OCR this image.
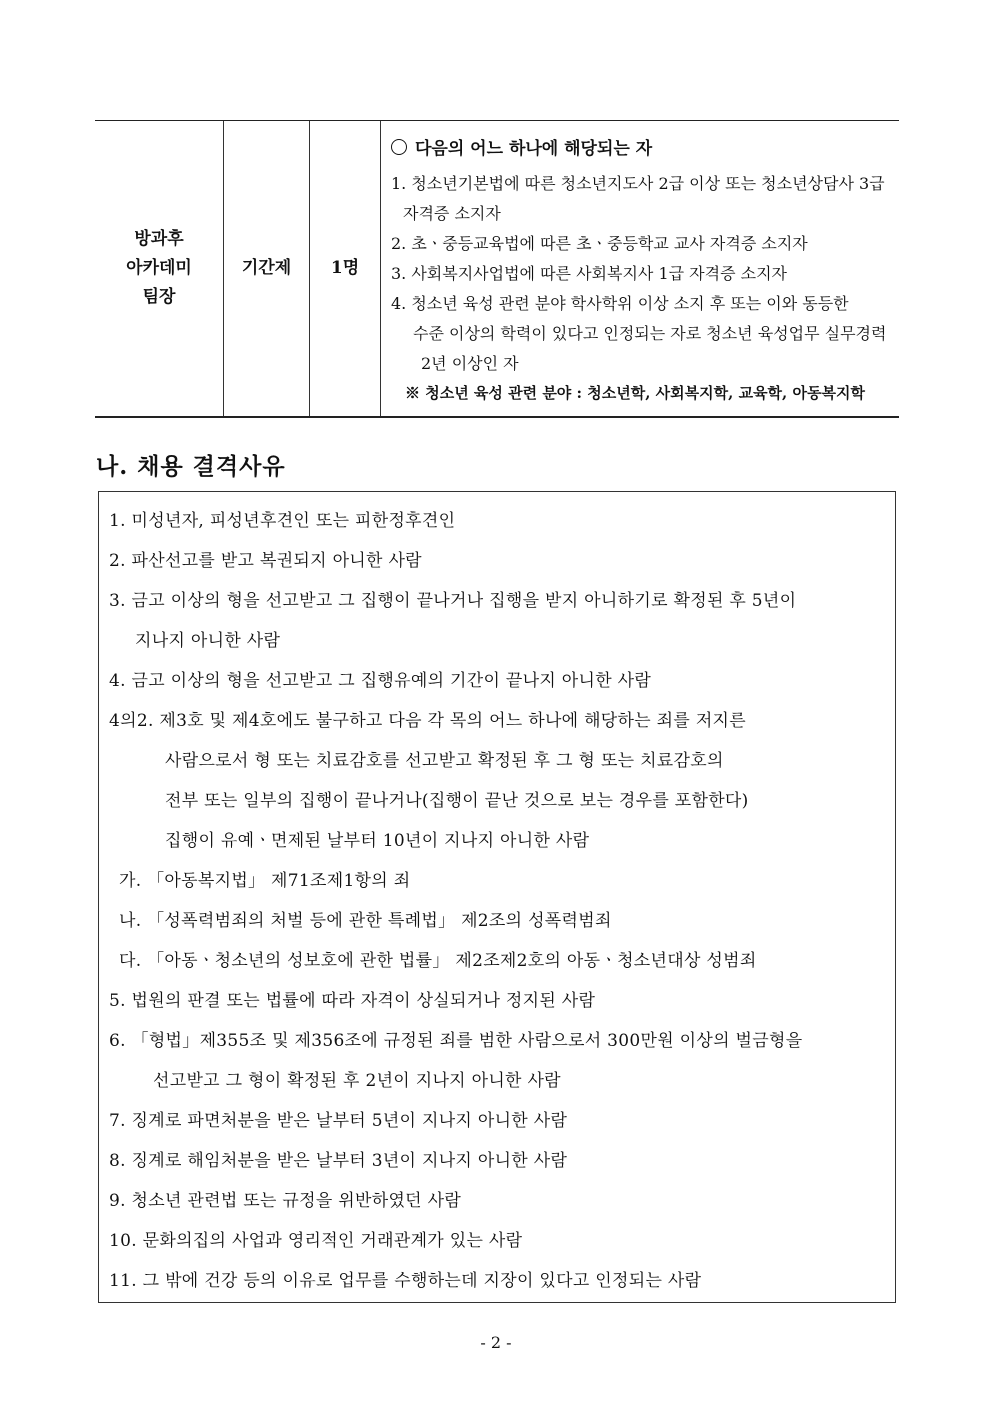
방과후
아카데미
팀장
기간제	1명
다음의 어느 하나에 해당되는 자
1. 청소년기본법에 따른 청소년지도사 2급 이상 또는 청소년상담사 3급
자격증 소지자
2. 초ㆍ중등교육법에 따른 초ㆍ중등학교 교사 자격증 소지자
3. 사회복지사업법에 따른 사회복지사 1급 자격증 소지자
4. 청소년 육성 관련 분야 학사학위 이상 소지 후 또는 이와 동등한
수준 이상의 학력이 있다고 인정되는 자로 청소년 육성업무 실무경력
2년 이상인 자
※ 청소년 육성 관련 분야 : 청소년학, 사회복지학, 교육학, 아동복지학
나. 채용 결격사유
1. 미성년자, 피성년후견인 또는 피한정후견인
2. 파산선고를 받고 복권되지 아니한 사람
3. 금고 이상의 형을 선고받고 그 집행이 끝나거나 집행을 받지 아니하기로 확정된 후 5년이
지나지 아니한 사람
4. 금고 이상의 형을 선고받고 그 집행유예의 기간이 끝나지 아니한 사람
4의2. 제3호 및 제4호에도 불구하고 다음 각 목의 어느 하나에 해당하는 죄를 저지른
사람으로서 형 또는 치료감호를 선고받고 확정된 후 그 형 또는 치료감호의
전부 또는 일부의 집행이 끝나거나(집행이 끝난 것으로 보는 경우를 포함한다)
집행이 유예ㆍ면제된 날부터 10년이 지나지 아니한 사람
가. 「아동복지법」 제71조제1항의 죄
나. 「성폭력범죄의 처벌 등에 관한 특례법」 제2조의 성폭력범죄
다. 「아동ㆍ청소년의 성보호에 관한 법률」 제2조제2호의 아동ㆍ청소년대상 성범죄
5. 법원의 판결 또는 법률에 따라 자격이 상실되거나 정지된 사람
6. 「형법」제355조 및 제356조에 규정된 죄를 범한 사람으로서 300만원 이상의 벌금형을
선고받고 그 형이 확정된 후 2년이 지나지 아니한 사람
7. 징계로 파면처분을 받은 날부터 5년이 지나지 아니한 사람
8. 징계로 해임처분을 받은 날부터 3년이 지나지 아니한 사람
9. 청소년 관련법 또는 규정을 위반하였던 사람
10. 문화의집의 사업과 영리적인 거래관계가 있는 사람
11. 그 밖에 건강 등의 이유로 업무를 수행하는데 지장이 있다고 인정되는 사람
- 2 -
